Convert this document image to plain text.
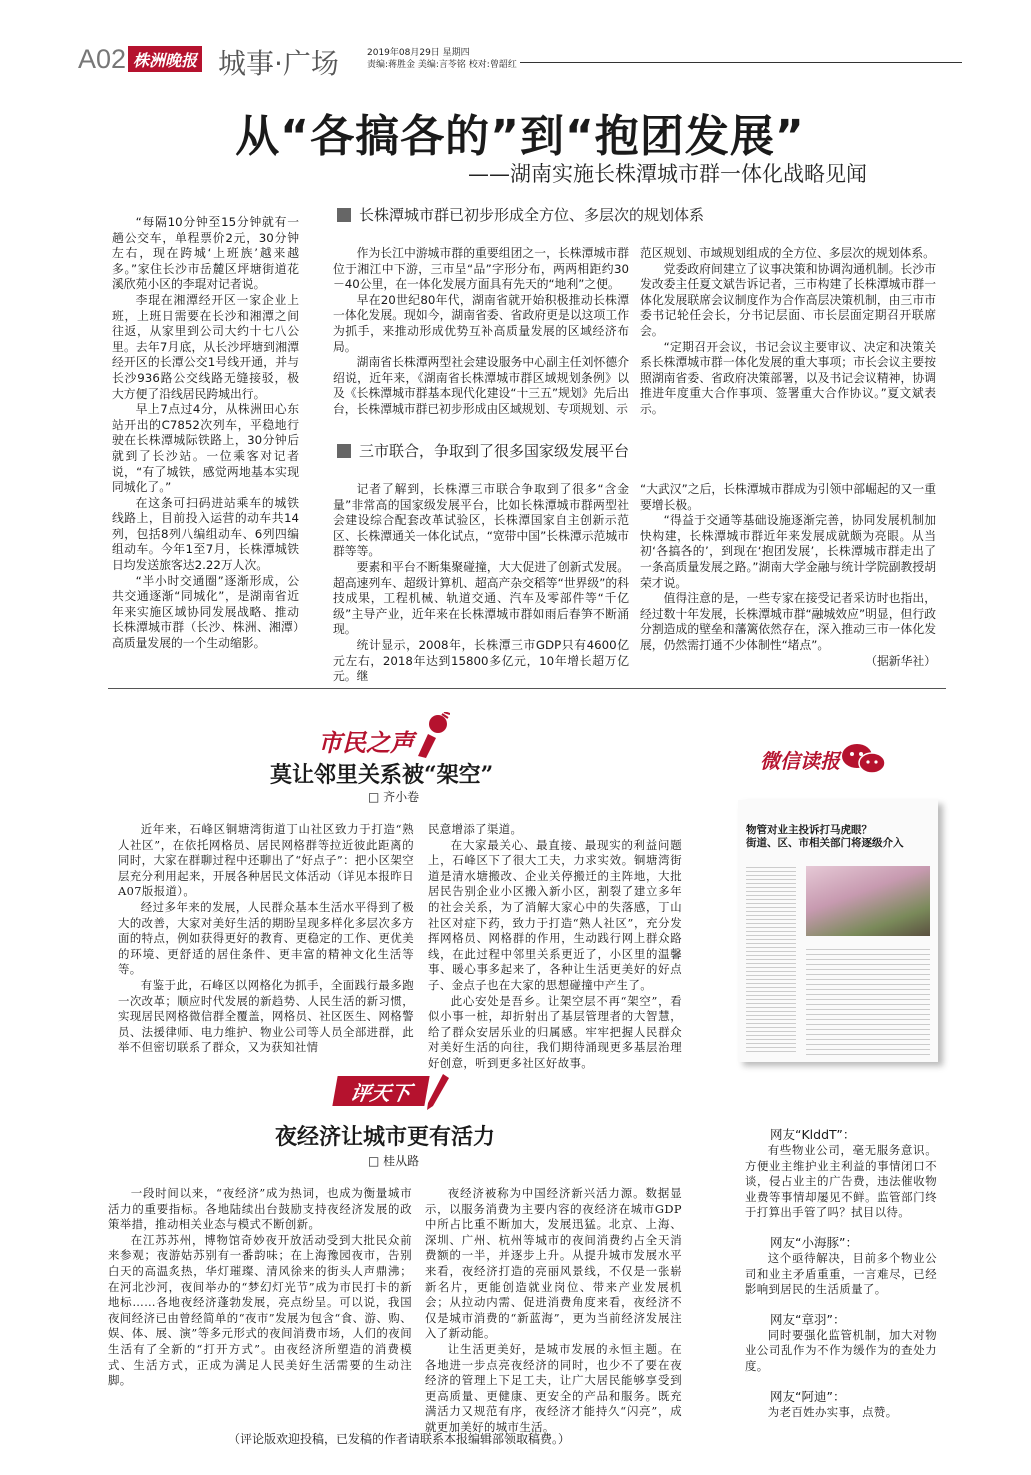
A02 株洲晚报 城事·广场	2019年08月29日 星期四
责编:蒋胜金 美编:言苓铭 校对:曾韶红
从“各搞各的”到“抱团发展”
——湖南实施长株潭城市群一体化战略见闻

“每隔10分钟至15分钟就有一趟公交车，单程票价2元，30分钟左右，现在跨城‘上班族’越来越多。”家住长沙市岳麓区坪塘街道花溪欣苑小区的李琨对记者说。

李琨在湘潭经开区一家企业上班，上班日需要在长沙和湘潭之间往返，从家里到公司大约十七八公里。去年7月底，从长沙坪塘到湘潭经开区的长潭公交1号线开通，并与长沙936路公交线路无缝接驳，极大方便了沿线居民跨城出行。

早上7点过4分，从株洲田心东站开出的C7852次列车，平稳地行驶在长株潭城际铁路上，30分钟后就到了长沙站。一位乘客对记者说，“有了城铁，感觉两地基本实现同城化了。”

在这条可扫码进站乘车的城铁线路上，目前投入运营的动车共14列，包括8列八编组动车、6列四编组动车。今年1至7月，长株潭城铁日均发送旅客达2.22万人次。

“半小时交通圈”逐渐形成，公共交通逐渐“同城化”，是湖南省近年来实施区域协同发展战略、推动长株潭城市群（长沙、株洲、湘潭）高质量发展的一个生动缩影。

长株潭城市群已初步形成全方位、多层次的规划体系

作为长江中游城市群的重要组团之一，长株潭城市群位于湘江中下游，三市呈“品”字形分布，两两相距约30－40公里，在一体化发展方面具有先天的“地利”之便。

早在20世纪80年代，湖南省就开始积极推动长株潭一体化发展。现如今，湖南省委、省政府更是以这项工作为抓手，来推动形成优势互补高质量发展的区域经济布局。

湖南省长株潭两型社会建设服务中心副主任刘怀德介绍说，近年来，《湖南省长株潭城市群区域规划条例》以及《长株潭城市群基本现代化建设“十三五”规划》先后出台，长株潭城市群已初步形成由区域规划、专项规划、示

范区规划、市域规划组成的全方位、多层次的规划体系。

党委政府间建立了议事决策和协调沟通机制。长沙市发改委主任夏文斌告诉记者，三市构建了长株潭城市群一体化发展联席会议制度作为合作高层决策机制，由三市市委书记轮任会长，分书记层面、市长层面定期召开联席会。

“定期召开会议，书记会议主要审议、决定和决策关系长株潭城市群一体化发展的重大事项；市长会议主要按照湖南省委、省政府决策部署，以及书记会议精神，协调推进年度重大合作事项、签署重大合作协议。”夏文斌表示。

三市联合，争取到了很多国家级发展平台

记者了解到，长株潭三市联合争取到了很多“含金量”非常高的国家级发展平台，比如长株潭城市群两型社会建设综合配套改革试验区，长株潭国家自主创新示范区、长株潭通关一体化试点，“宽带中国”长株潭示范城市群等等。

要素和平台不断集聚碰撞，大大促进了创新式发展。超高速列车、超级计算机、超高产杂交稻等“世界级”的科技成果，工程机械、轨道交通、汽车及零部件等“千亿级”主导产业，近年来在长株潭城市群如雨后春笋不断涌现。

统计显示，2008年，长株潭三市GDP只有4600亿元左右，2018年达到15800多亿元，10年增长超万亿元。继

“大武汉”之后，长株潭城市群成为引领中部崛起的又一重要增长极。

“得益于交通等基础设施逐渐完善，协同发展机制加快构建，长株潭城市群近年来发展成就颇为亮眼。从当初‘各搞各的’，到现在‘抱团发展’，长株潭城市群走出了一条高质量发展之路。”湖南大学金融与统计学院副教授胡荣才说。

值得注意的是，一些专家在接受记者采访时也指出，经过数十年发展，长株潭城市群“融城效应”明显，但行政分割造成的壁垒和藩篱依然存在，深入推动三市一体化发展，仍然需打通不少体制性“堵点”。

（据新华社）

市民之声
莫让邻里关系被“架空”
□ 齐小卷

近年来，石峰区铜塘湾街道丁山社区致力于打造“熟人社区”，在依托网格员、居民网格群等拉近彼此距离的同时，大家在群聊过程中还聊出了“好点子”：把小区架空层充分利用起来，开展各种居民文体活动（详见本报昨日A07版报道）。

经过多年来的发展，人民群众基本生活水平得到了极大的改善，大家对美好生活的期盼呈现多样化多层次多方面的特点，例如获得更好的教育、更稳定的工作、更优美的环境、更舒适的居住条件、更丰富的精神文化生活等等。

有鉴于此，石峰区以网格化为抓手，全面践行最多跑一次改革；顺应时代发展的新趋势、人民生活的新习惯，实现居民网格微信群全覆盖，网格员、社区医生、网格警员、法援律师、电力维护、物业公司等人员全部进群，此举不但密切联系了群众，又为获知社情

民意增添了渠道。

在大家最关心、最直接、最现实的利益问题上，石峰区下了很大工夫，力求实效。铜塘湾街道是清水塘搬改、企业关停搬迁的主阵地，大批居民告别企业小区搬入新小区，割裂了建立多年的社会关系，为了消解大家心中的失落感，丁山社区对症下药，致力于打造“熟人社区”，充分发挥网格员、网格群的作用，生动践行网上群众路线，在此过程中邻里关系更近了，小区里的温馨事、暖心事多起来了，各种让生活更美好的好点子、金点子也在大家的思想碰撞中产生了。

此心安处是吾乡。让架空层不再“架空”，看似小事一桩，却折射出了基层管理者的大智慧，给了群众安居乐业的归属感。牢牢把握人民群众对美好生活的向往，我们期待涌现更多基层治理好创意，听到更多社区好故事。

微信读报
物管对业主投诉打马虎眼？
街道、区、市相关部门将逐级介入
评天下
夜经济让城市更有活力
□ 桂从路

一段时间以来，“夜经济”成为热词，也成为衡量城市活力的重要指标。各地陆续出台鼓励支持夜经济发展的政策举措，推动相关业态与模式不断创新。

在江苏苏州，博物馆奇妙夜开放活动受到大批民众前来参观；夜游姑苏别有一番韵味；在上海豫园夜市，告别白天的高温炙热，华灯璀璨、清风徐来的街头人声鼎沸；在河北沙河，夜间举办的“梦幻灯光节”成为市民打卡的新地标……各地夜经济蓬勃发展，亮点纷呈。可以说，我国夜间经济已由曾经简单的“夜市”发展为包含“食、游、购、娱、体、展、演”等多元形式的夜间消费市场，人们的夜间生活有了全新的“打开方式”。由夜经济所塑造的消费模式、生活方式，正成为满足人民美好生活需要的生动注脚。

夜经济被称为中国经济新兴活力源。数据显示，以服务消费为主要内容的夜经济在城市GDP中所占比重不断加大，发展迅猛。北京、上海、深圳、广州、杭州等城市的夜间消费约占全天消费额的一半，并逐步上升。从提升城市发展水平来看，夜经济打造的亮丽风景线，不仅是一张崭新名片，更能创造就业岗位、带来产业发展机会；从拉动内需、促进消费角度来看，夜经济不仅是城市消费的“新蓝海”，更为当前经济发展注入了新动能。

让生活更美好，是城市发展的永恒主题。在各地进一步点亮夜经济的同时，也少不了要在夜经济的管理上下足工夫，让广大居民能够享受到更高质量、更健康、更安全的产品和服务。既充满活力又规范有序，夜经济才能持久“闪亮”，成就更加美好的城市生活。

网友“KlddT”：

有些物业公司，毫无服务意识。方便业主维护业主利益的事情闭口不谈，侵占业主的广告费，违法催收物业费等事情却屡见不鲜。监管部门终于打算出手管了吗？拭目以待。

网友“小海豚”：

这个亟待解决，目前多个物业公司和业主矛盾重重，一言难尽，已经影响到居民的生活质量了。

网友“章羽”：

同时要强化监管机制，加大对物业公司乱作为不作为缓作为的查处力度。

网友“阿迪”：

为老百姓办实事，点赞。

（评论版欢迎投稿，已发稿的作者请联系本报编辑部领取稿费。）
